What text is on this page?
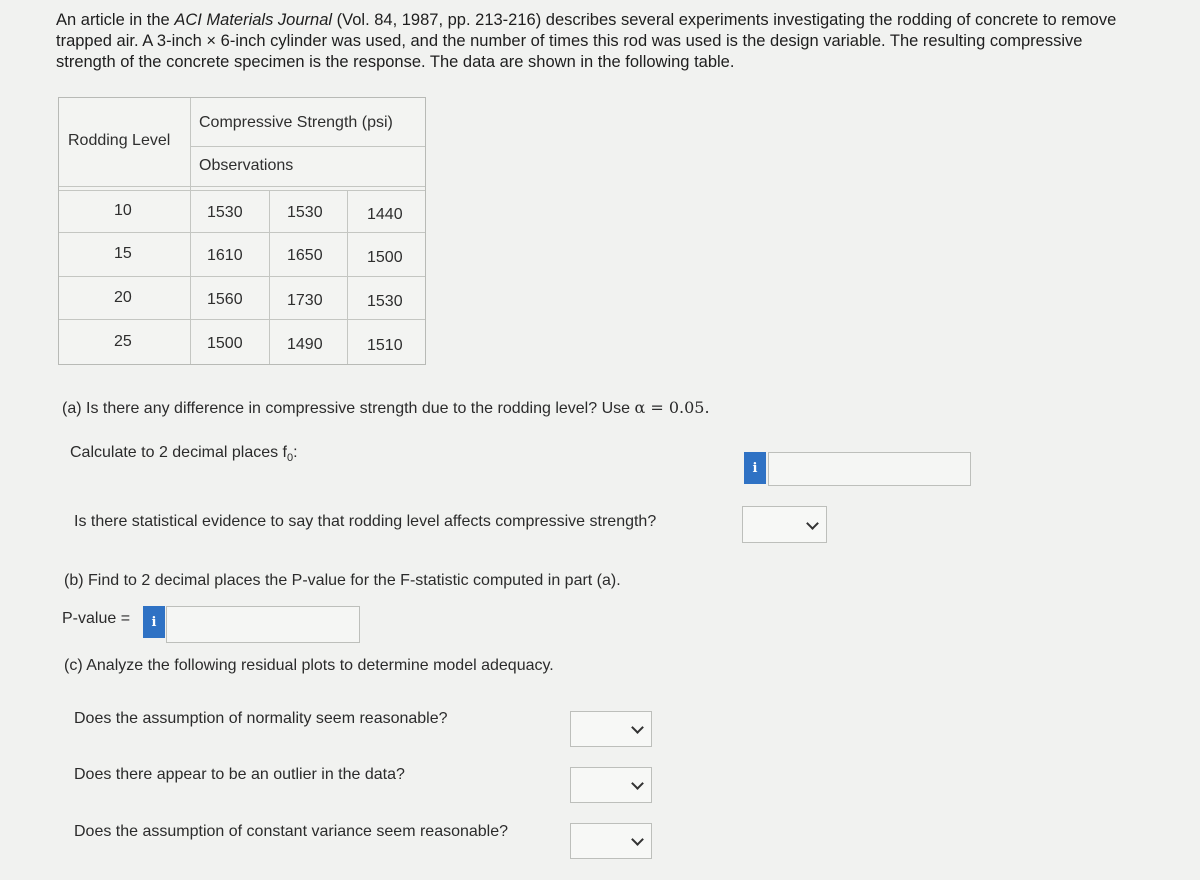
An article in the ACI Materials Journal (Vol. 84, 1987, pp. 213-216) describes several experiments investigating the rodding of concrete to remove trapped air. A 3-inch × 6-inch cylinder was used, and the number of times this rod was used is the design variable. The resulting compressive strength of the concrete specimen is the response. The data are shown in the following table.
Rodding Level
Compressive Strength (psi)
Observations
10	1530	1530	1440
15	1610	1650	1500
20	1560	1730	1530
25	1500	1490	1510
(a) Is there any difference in compressive strength due to the rodding level? Use α = 0.05.
Calculate to 2 decimal places $f_0$:
i
Is there statistical evidence to say that rodding level affects compressive strength?
(b) Find to 2 decimal places the P-value for the F-statistic computed in part (a).
P-value = i
(c) Analyze the following residual plots to determine model adequacy.
Does the assumption of normality seem reasonable?
Does there appear to be an outlier in the data?
Does the assumption of constant variance seem reasonable?
